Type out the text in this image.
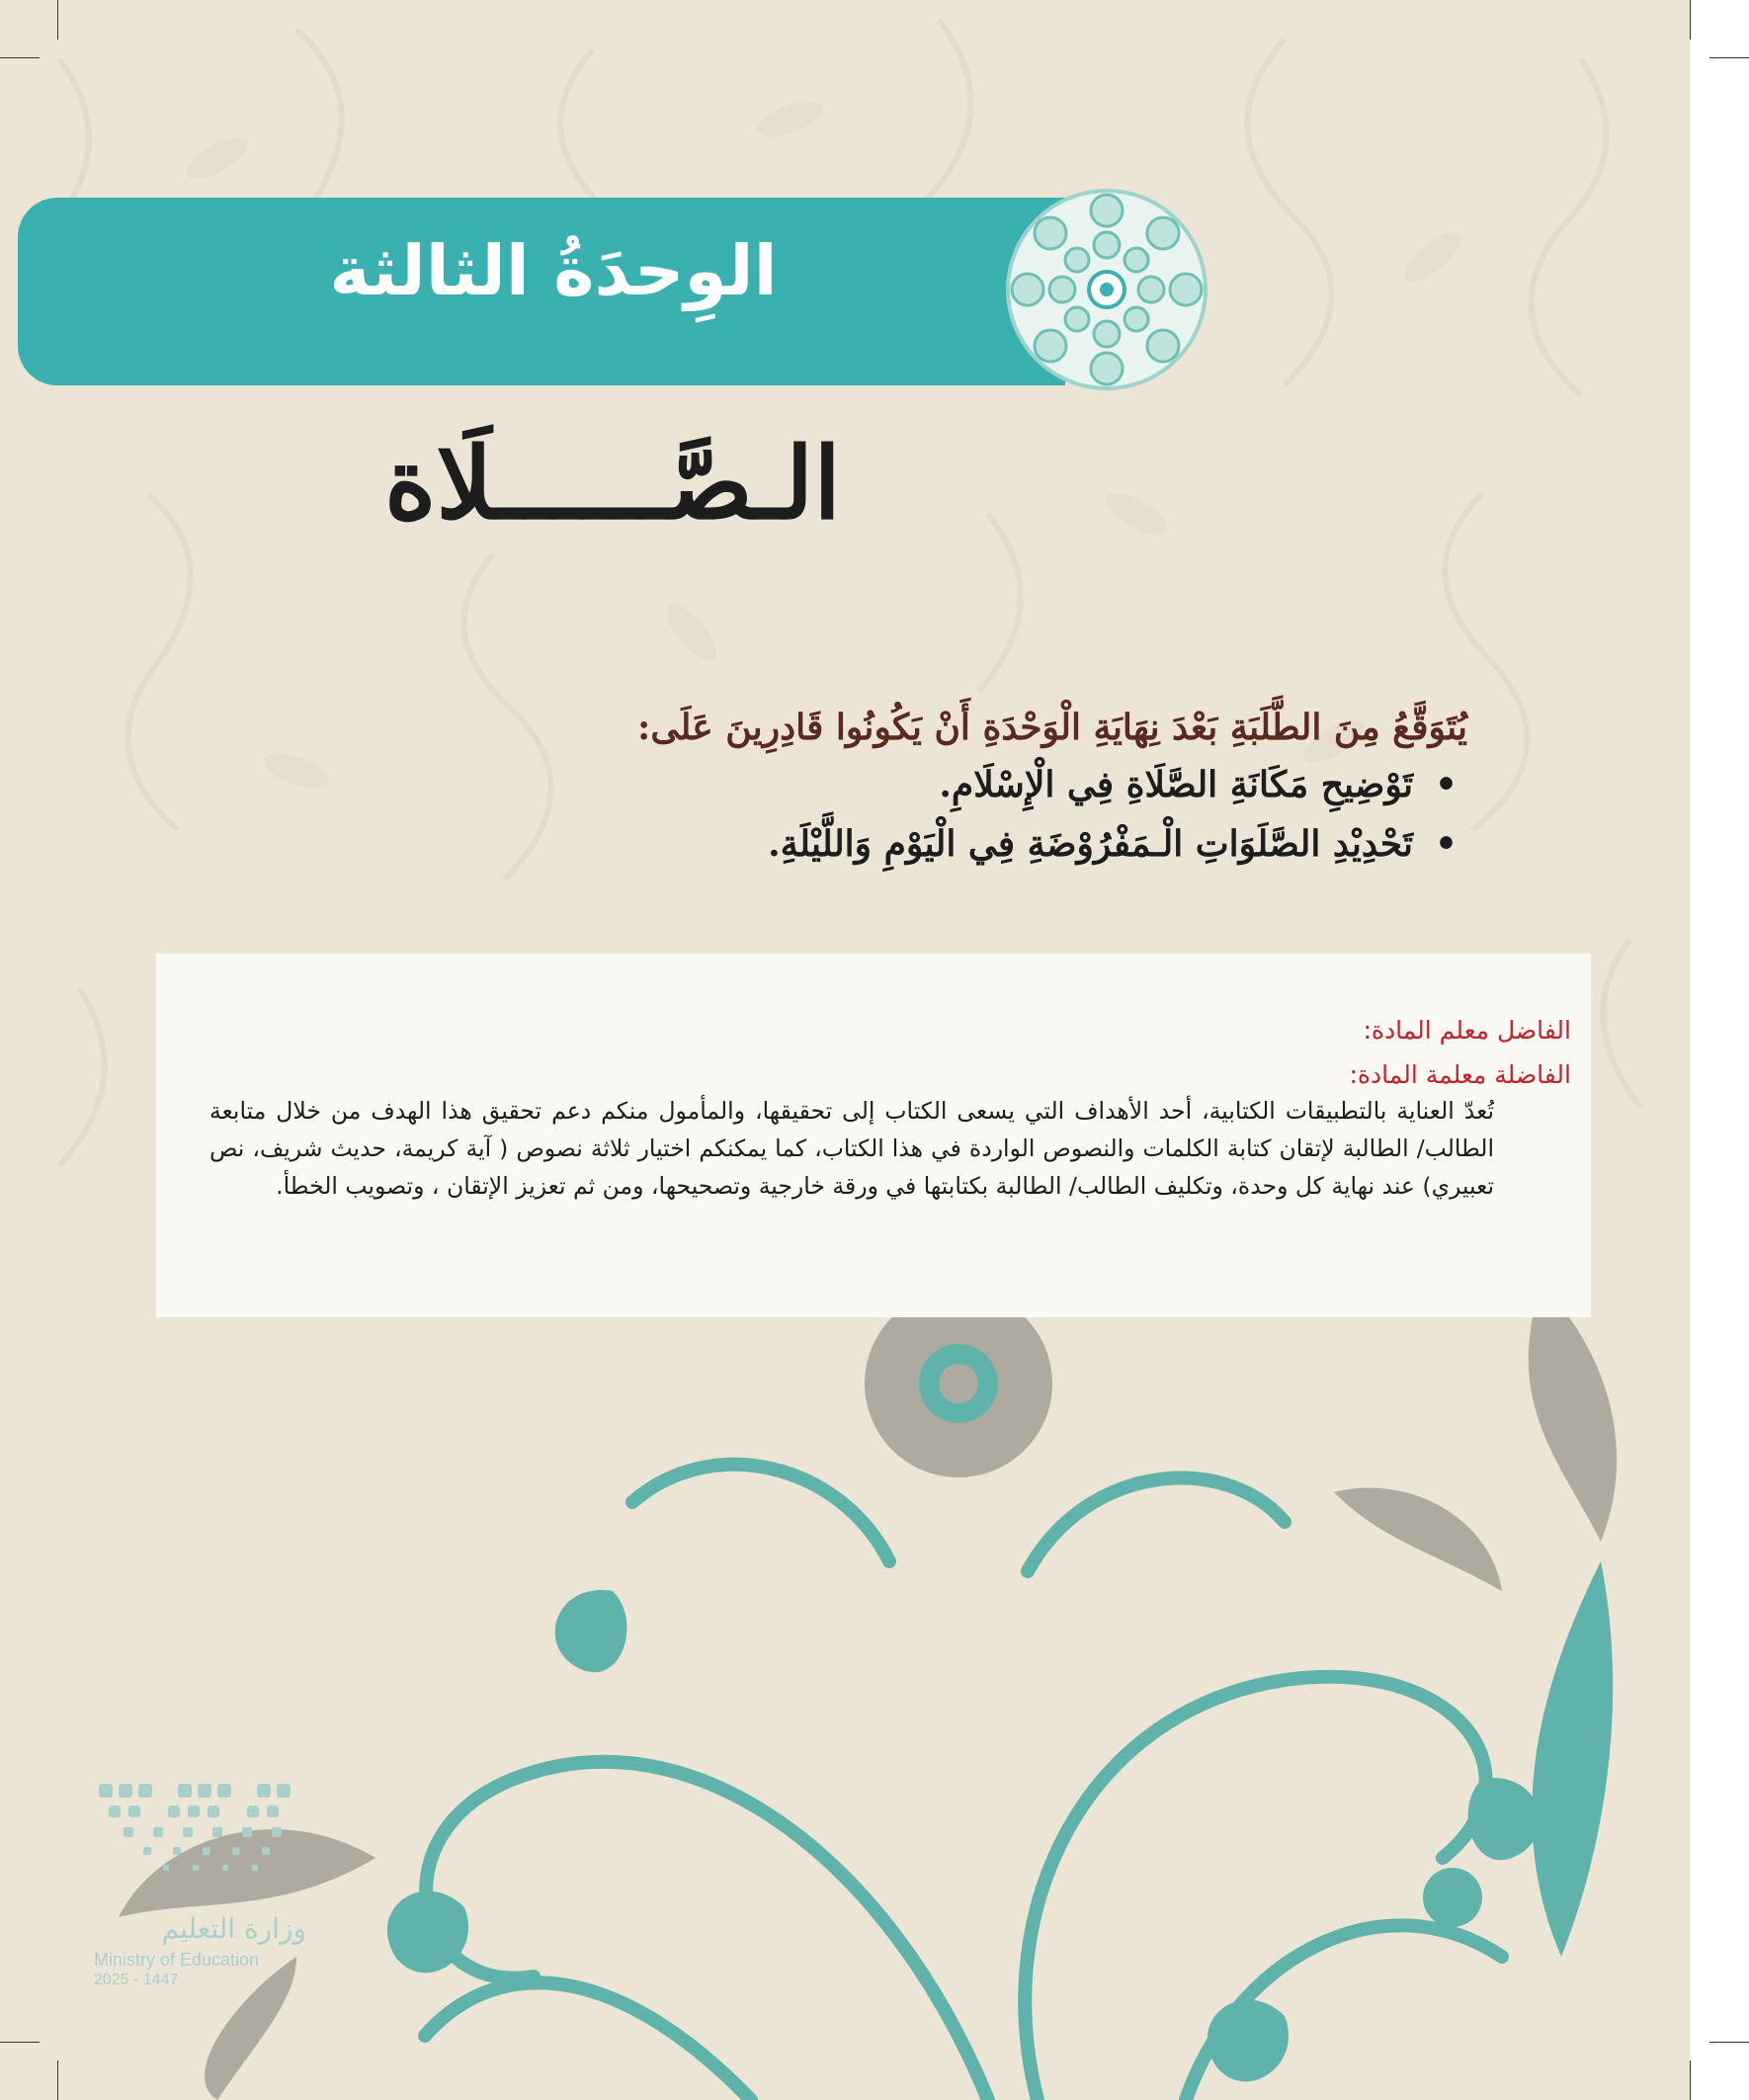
الوِحدَةُ الثالثة
الـصَّــــــلَاة

يُتَوَقَّعُ مِنَ الطَّلَبَةِ بَعْدَ نِهَايَةِ الْوَحْدَةِ أَنْ يَكُونُوا قَادِرِينَ عَلَى:

•
تَوْضِيحِ مَكَانَةِ الصَّلَاةِ فِي الْإِسْلَامِ.
•
تَحْدِيْدِ الصَّلَوَاتِ الْـمَفْرُوْضَةِ فِي الْيَوْمِ وَاللَّيْلَةِ.
الفاضل معلم المادة:
الفاضلة معلمة المادة:
تُعدّ العناية بالتطبيقات الكتابية، أحد الأهداف التي يسعى الكتاب إلى تحقيقها، والمأمول منكم دعم تحقيق هذا الهدف من خلال متابعة الطالب/ الطالبة لإتقان كتابة الكلمات والنصوص الواردة في هذا الكتاب، كما يمكنكم اختيار ثلاثة نصوص ( آية كريمة، حديث شريف، نص تعبيري) عند نهاية كل وحدة، وتكليف الطالب/ الطالبة بكتابتها في ورقة خارجية وتصحيحها، ومن ثم تعزيز الإتقان ، وتصويب الخطأ.
وزارة التعليم
Ministry of Education
2025 - 1447
